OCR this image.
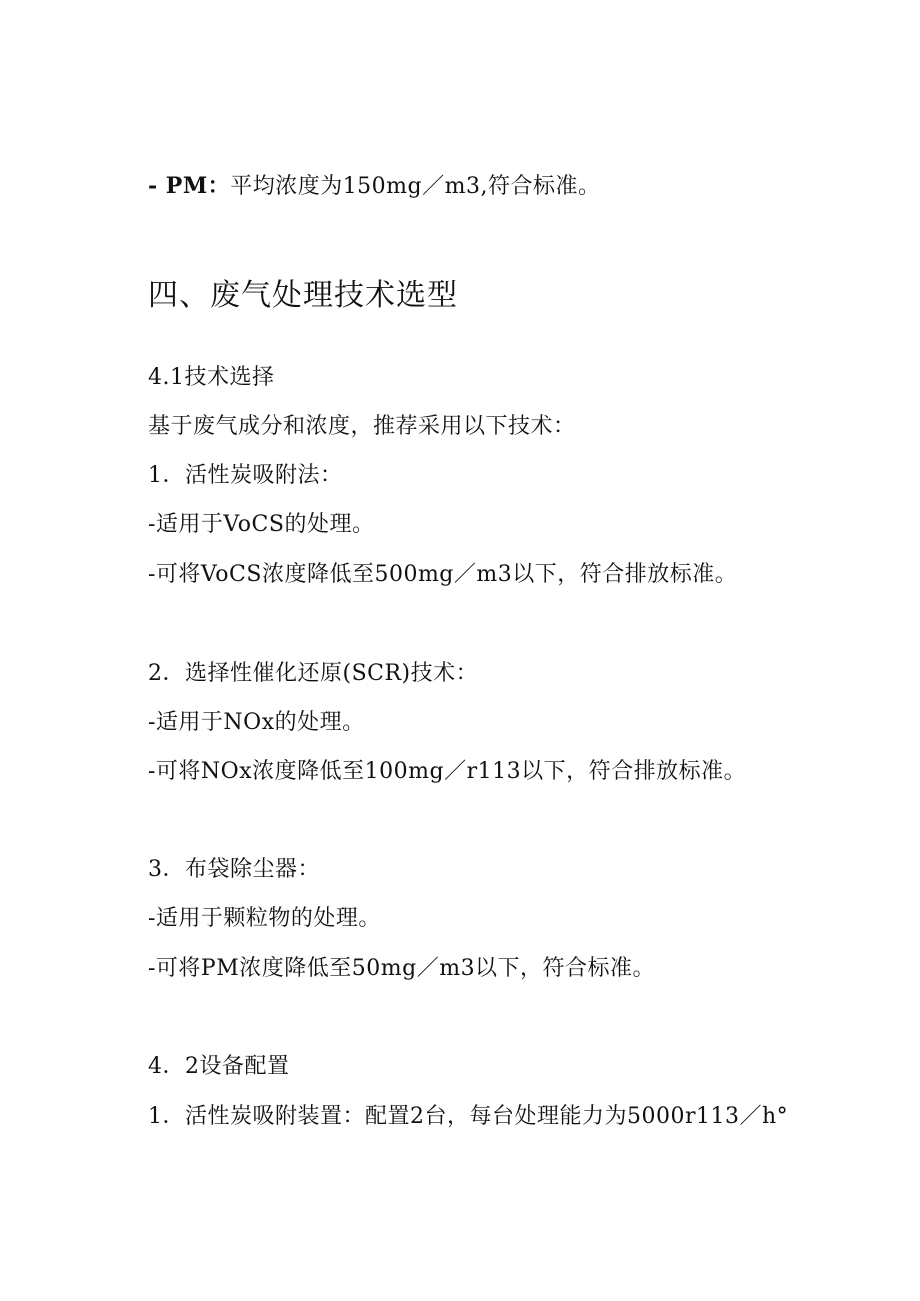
- PM：平均浓度为150mg／m3,符合标准。
四、废气处理技术选型
4.1技术选择
基于废气成分和浓度，推荐采用以下技术：
1．活性炭吸附法：
-适用于VoCS的处理。
-可将VoCS浓度降低至500mg／m3以下，符合排放标准。
2．选择性催化还原(SCR)技术：
-适用于NOx的处理。
-可将NOx浓度降低至100mg／r113以下，符合排放标准。
3．布袋除尘器：
-适用于颗粒物的处理。
-可将PM浓度降低至50mg／m3以下，符合标准。
4．2设备配置
1．活性炭吸附装置：配置2台，每台处理能力为5000r113／h°
